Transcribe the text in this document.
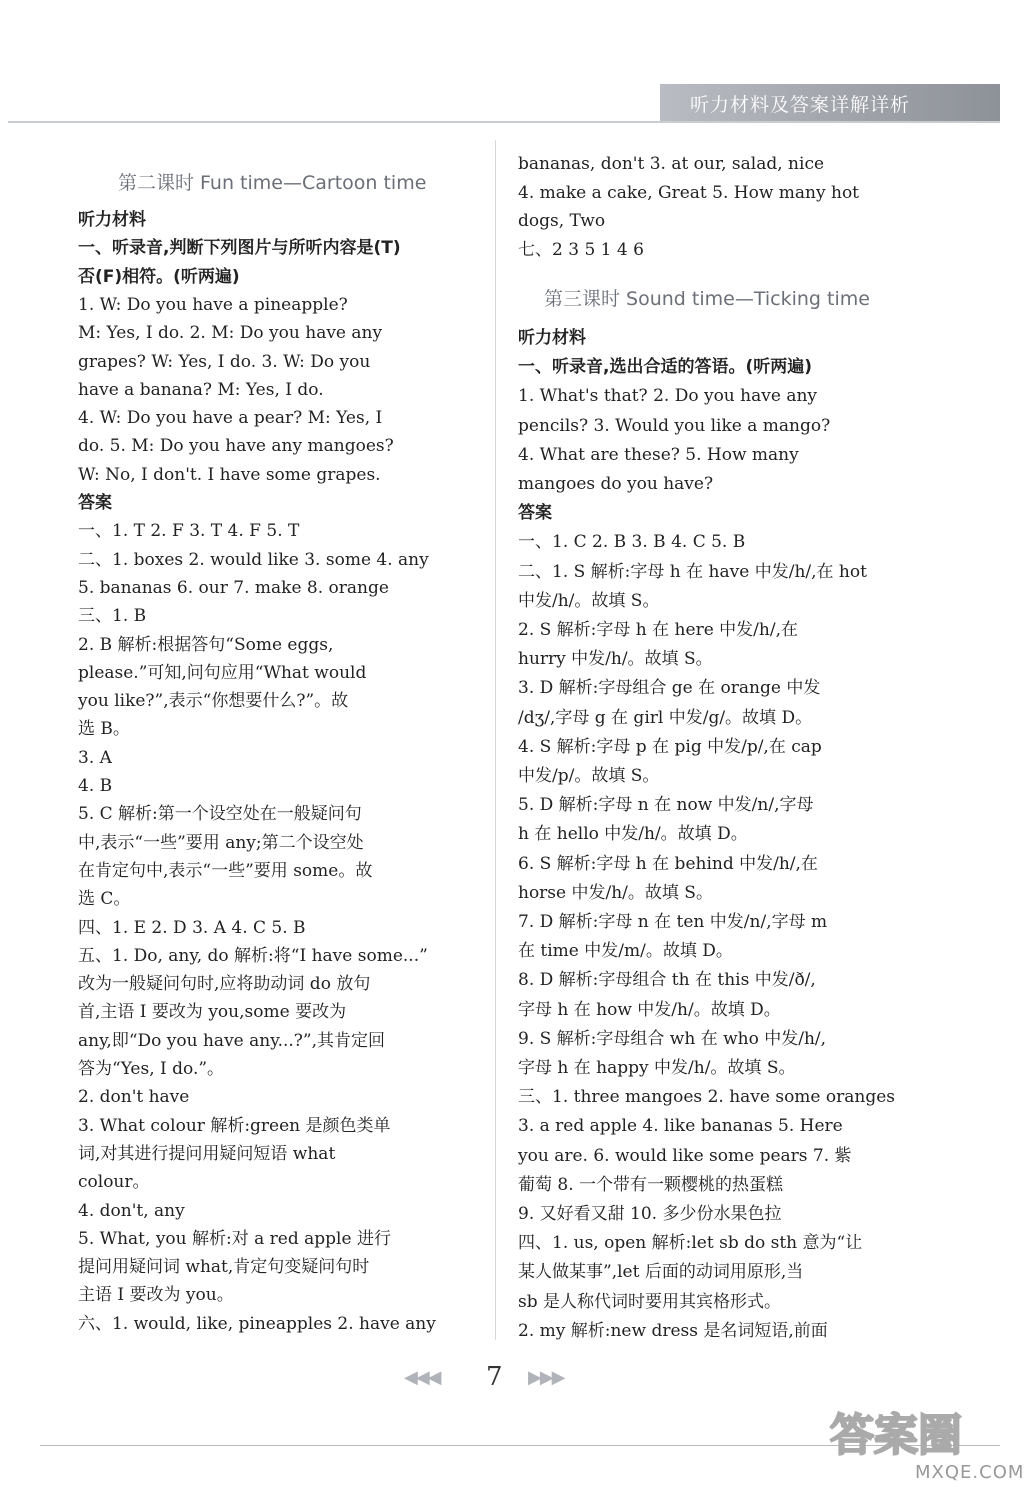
听力材料及答案详解详析
第二课时 Fun time—Cartoon time
听力材料
一、听录音,判断下列图片与所听内容是(T)
否(F)相符。(听两遍)
1. W: Do you have a pineapple?
M: Yes, I do. 2. M: Do you have any
grapes? W: Yes, I do. 3. W: Do you
have a banana? M: Yes, I do.
4. W: Do you have a pear? M: Yes, I
do. 5. M: Do you have any mangoes?
W: No, I don't. I have some grapes.
答案
一、1. T 2. F 3. T 4. F 5. T
二、1. boxes 2. would like 3. some 4. any
5. bananas 6. our 7. make 8. orange
三、1. B
2. B 解析:根据答句“Some eggs,
please.”可知,问句应用“What would
you like?”,表示“你想要什么?”。故
选 B。
3. A
4. B
5. C 解析:第一个设空处在一般疑问句
中,表示“一些”要用 any;第二个设空处
在肯定句中,表示“一些”要用 some。故
选 C。
四、1. E 2. D 3. A 4. C 5. B
五、1. Do, any, do 解析:将“I have some...”
改为一般疑问句时,应将助动词 do 放句
首,主语 I 要改为 you,some 要改为
any,即“Do you have any...?”,其肯定回
答为“Yes, I do.”。
2. don't have
3. What colour 解析:green 是颜色类单
词,对其进行提问用疑问短语 what
colour。
4. don't, any
5. What, you 解析:对 a red apple 进行
提问用疑问词 what,肯定句变疑问句时
主语 I 要改为 you。
六、1. would, like, pineapples 2. have any
第三课时 Sound time—Ticking time
bananas, don't 3. at our, salad, nice
4. make a cake, Great 5. How many hot
dogs, Two
七、2 3 5 1 4 6
听力材料
一、听录音,选出合适的答语。(听两遍)
1. What's that? 2. Do you have any
pencils? 3. Would you like a mango?
4. What are these? 5. How many
mangoes do you have?
答案
一、1. C 2. B 3. B 4. C 5. B
二、1. S 解析:字母 h 在 have 中发/h/,在 hot
中发/h/。故填 S。
2. S 解析:字母 h 在 here 中发/h/,在
hurry 中发/h/。故填 S。
3. D 解析:字母组合 ge 在 orange 中发
/dʒ/,字母 g 在 girl 中发/g/。故填 D。
4. S 解析:字母 p 在 pig 中发/p/,在 cap
中发/p/。故填 S。
5. D 解析:字母 n 在 now 中发/n/,字母
h 在 hello 中发/h/。故填 D。
6. S 解析:字母 h 在 behind 中发/h/,在
horse 中发/h/。故填 S。
7. D 解析:字母 n 在 ten 中发/n/,字母 m
在 time 中发/m/。故填 D。
8. D 解析:字母组合 th 在 this 中发/ð/,
字母 h 在 how 中发/h/。故填 D。
9. S 解析:字母组合 wh 在 who 中发/h/,
字母 h 在 happy 中发/h/。故填 S。
三、1. three mangoes 2. have some oranges
3. a red apple 4. like bananas 5. Here
you are. 6. would like some pears 7. 紫
葡萄 8. 一个带有一颗樱桃的热蛋糕
9. 又好看又甜 10. 多少份水果色拉
四、1. us, open 解析:let sb do sth 意为“让
某人做某事”,let 后面的动词用原形,当
sb 是人称代词时要用其宾格形式。
2. my 解析:new dress 是名词短语,前面
◀◀◀ 7 ▶▶▶
答案圈
MXQE.COM
